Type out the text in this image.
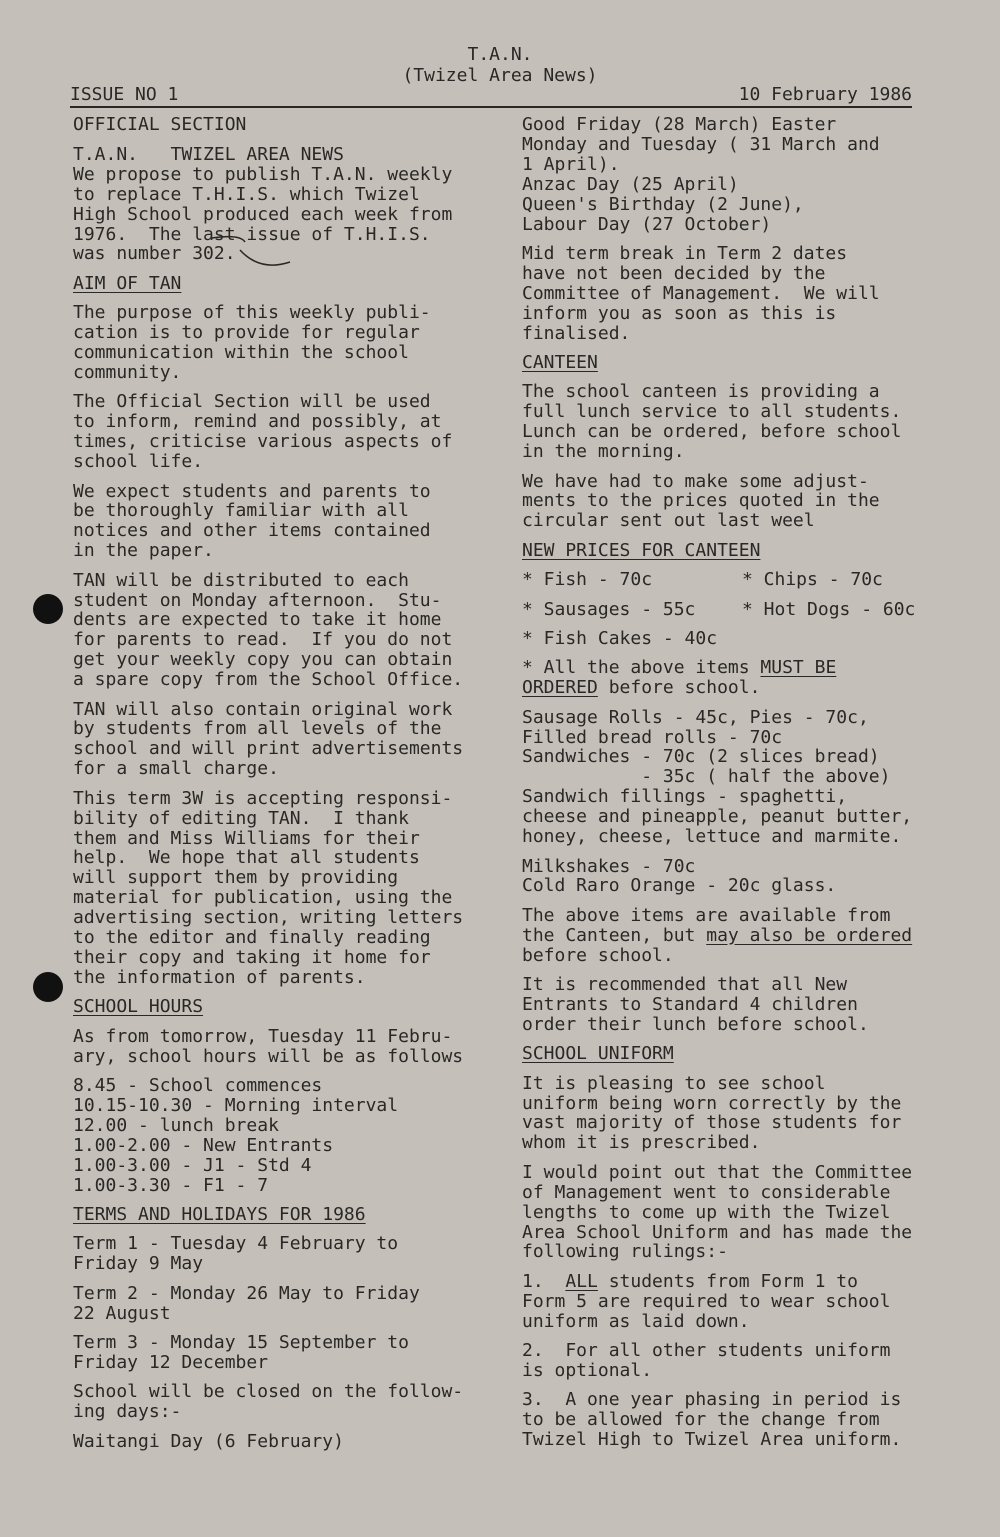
T.A.N.
(Twizel Area News)
ISSUE NO 1	10 February 1986
OFFICIAL SECTION
T.A.N.   TWIZEL AREA NEWS
We propose to publish T.A.N. weekly
to replace T.H.I.S. which Twizel
High School produced each week from
1976.  The last issue of T.H.I.S.
was number 302.
AIM OF TAN
The purpose of this weekly publi-
cation is to provide for regular
communication within the school
community.
The Official Section will be used
to inform, remind and possibly, at
times, criticise various aspects of
school life.
We expect students and parents to
be thoroughly familiar with all
notices and other items contained
in the paper.
TAN will be distributed to each
student on Monday afternoon.  Stu-
dents are expected to take it home
for parents to read.  If you do not
get your weekly copy you can obtain
a spare copy from the School Office.
TAN will also contain original work
by students from all levels of the
school and will print advertisements
for a small charge.
This term 3W is accepting responsi-
bility of editing TAN.  I thank
them and Miss Williams for their
help.  We hope that all students
will support them by providing
material for publication, using the
advertising section, writing letters
to the editor and finally reading
their copy and taking it home for
the information of parents.
SCHOOL HOURS
As from tomorrow, Tuesday 11 Febru-
ary, school hours will be as follows
8.45 - School commences
10.15-10.30 - Morning interval
12.00 - lunch break
1.00-2.00 - New Entrants
1.00-3.00 - J1 - Std 4
1.00-3.30 - F1 - 7
TERMS AND HOLIDAYS FOR 1986
Term 1 - Tuesday 4 February to
Friday 9 May
Term 2 - Monday 26 May to Friday
22 August
Term 3 - Monday 15 September to
Friday 12 December
School will be closed on the follow-
ing days:-
Waitangi Day (6 February)
Good Friday (28 March) Easter
Monday and Tuesday ( 31 March and
1 April).
Anzac Day (25 April)
Queen's Birthday (2 June),
Labour Day (27 October)
Mid term break in Term 2 dates
have not been decided by the
Committee of Management.  We will
inform you as soon as this is
finalised.
CANTEEN
The school canteen is providing a
full lunch service to all students.
Lunch can be ordered, before school
in the morning.
We have had to make some adjust-
ments to the prices quoted in the
circular sent out last weel
NEW PRICES FOR CANTEEN
* Fish - 70c	* Chips - 70c
* Sausages - 55c	* Hot Dogs - 60c
* Fish Cakes - 40c
* All the above items MUST BE
ORDERED before school.
Sausage Rolls - 45c, Pies - 70c,
Filled bread rolls - 70c
Sandwiches - 70c (2 slices bread)
- 35c ( half the above)
Sandwich fillings - spaghetti,
cheese and pineapple, peanut butter,
honey, cheese, lettuce and marmite.
Milkshakes - 70c
Cold Raro Orange - 20c glass.
The above items are available from
the Canteen, but may also be ordered
before school.
It is recommended that all New
Entrants to Standard 4 children
order their lunch before school.
SCHOOL UNIFORM
It is pleasing to see school
uniform being worn correctly by the
vast majority of those students for
whom it is prescribed.
I would point out that the Committee
of Management went to considerable
lengths to come up with the Twizel
Area School Uniform and has made the
following rulings:-
1.  ALL students from Form 1 to
Form 5 are required to wear school
uniform as laid down.
2.  For all other students uniform
is optional.
3.  A one year phasing in period is
to be allowed for the change from
Twizel High to Twizel Area uniform.
